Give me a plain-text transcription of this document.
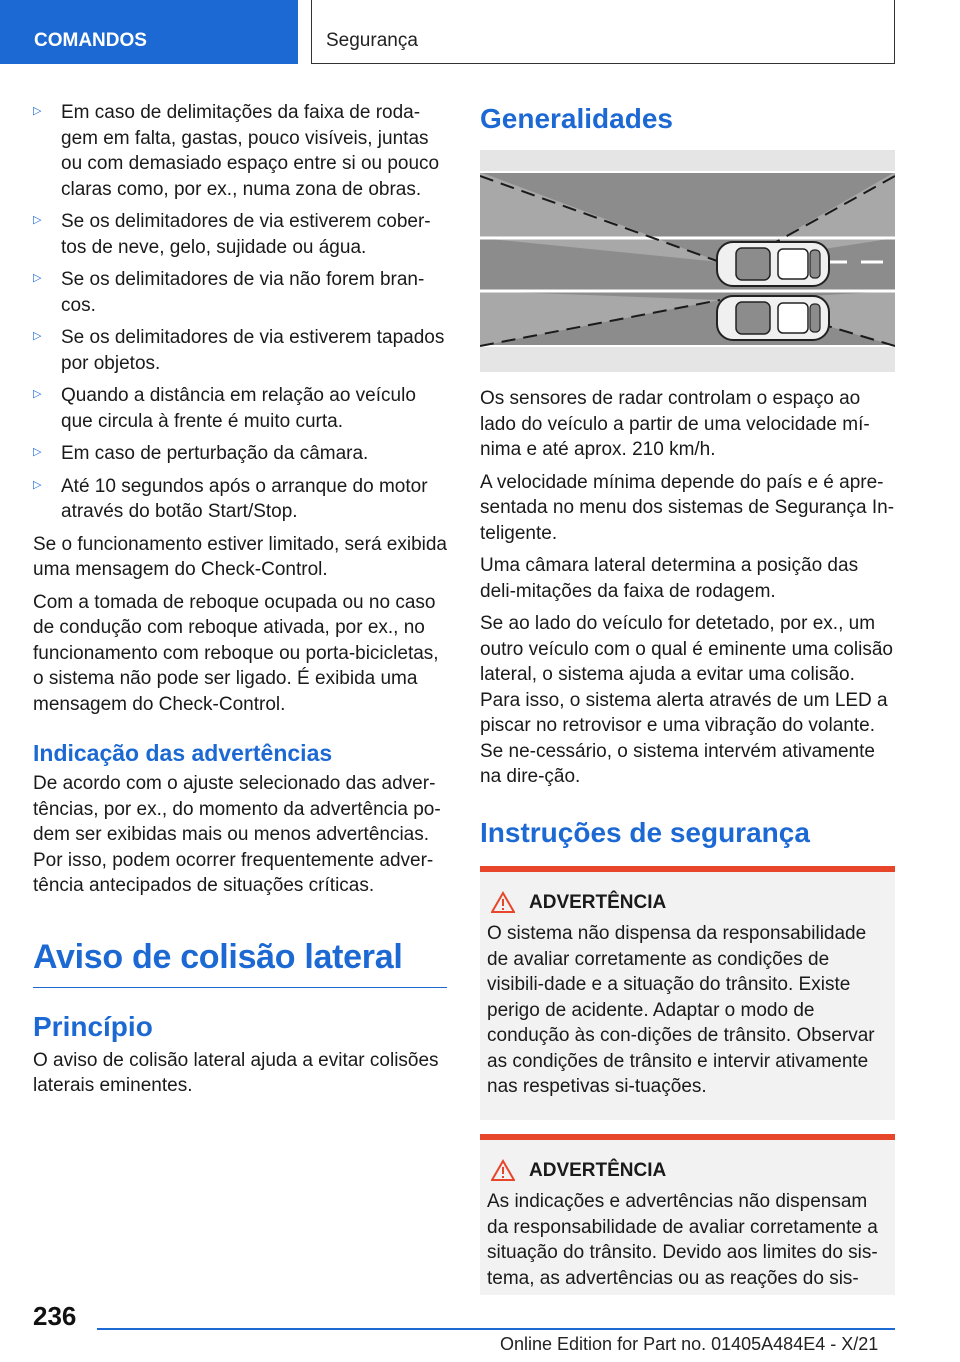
COMANDOS	Segurança
▷ Em caso de delimitações da faixa de roda-gem em falta, gastas, pouco visíveis, juntas ou com demasiado espaço entre si ou pouco claras como, por ex., numa zona de obras.
▷ Se os delimitadores de via estiverem cober-tos de neve, gelo, sujidade ou água.
▷ Se os delimitadores de via não forem bran-cos.
▷ Se os delimitadores de via estiverem tapados por objetos.
▷ Quando a distância em relação ao veículo que circula à frente é muito curta.
▷ Em caso de perturbação da câmara.
▷ Até 10 segundos após o arranque do motor através do botão Start/Stop.

Se o funcionamento estiver limitado, será exibida uma mensagem do Check-Control.

Com a tomada de reboque ocupada ou no caso de condução com reboque ativada, por ex., no funcionamento com reboque ou porta-bicicletas, o sistema não pode ser ligado. É exibida uma mensagem do Check-Control.

Indicação das advertências

De acordo com o ajuste selecionado das adver-tências, por ex., do momento da advertência po-dem ser exibidas mais ou menos advertências. Por isso, podem ocorrer frequentemente adver-tência antecipados de situações críticas.

Aviso de colisão lateral
Princípio

O aviso de colisão lateral ajuda a evitar colisões laterais eminentes.

Generalidades

Os sensores de radar controlam o espaço ao lado do veículo a partir de uma velocidade mí-nima e até aprox. 210 km/h.

A velocidade mínima depende do país e é apre-sentada no menu dos sistemas de Segurança In-teligente.

Uma câmara lateral determina a posição das deli-mitações da faixa de rodagem.

Se ao lado do veículo for detetado, por ex., um outro veículo com o qual é eminente uma colisão lateral, o sistema ajuda a evitar uma colisão. Para isso, o sistema alerta através de um LED a piscar no retrovisor e uma vibração do volante. Se ne-cessário, o sistema intervém ativamente na dire-ção.

Instruções de segurança
ADVERTÊNCIA

O sistema não dispensa da responsabilidade de avaliar corretamente as condições de visibili-dade e a situação do trânsito. Existe perigo de acidente. Adaptar o modo de condução às con-dições de trânsito. Observar as condições de trânsito e intervir ativamente nas respetivas si-tuações.

ADVERTÊNCIA

As indicações e advertências não dispensam da responsabilidade de avaliar corretamente a situação do trânsito. Devido aos limites do sis-tema, as advertências ou as reações do sis-

236
Online Edition for Part no. 01405A484E4 - X/21
